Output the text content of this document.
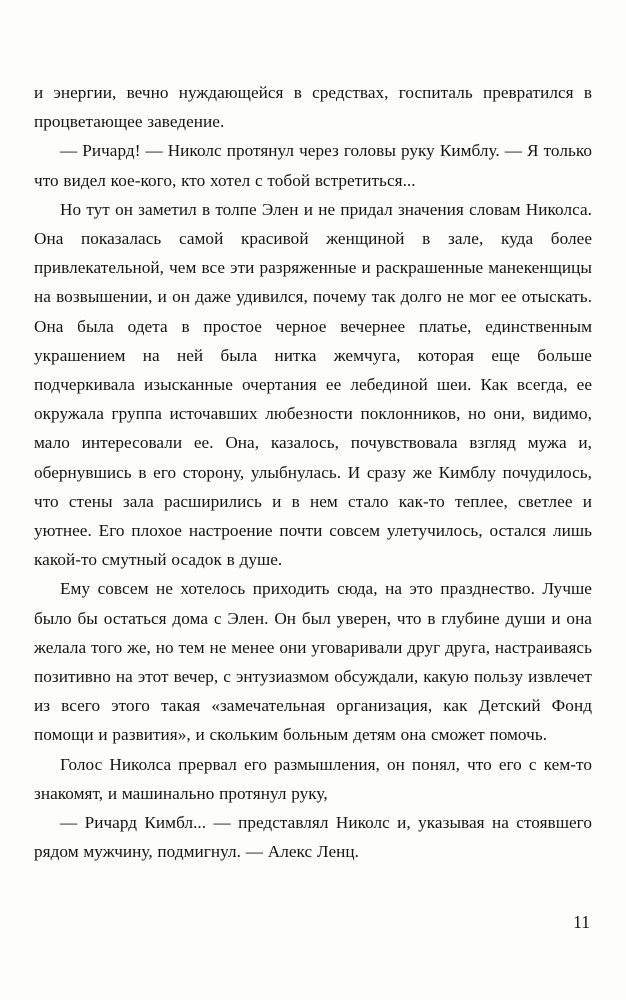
и энергии, вечно нуждающейся в средствах, госпиталь превратился в процветающее заведение.

— Ричард! — Николс протянул через головы руку Кимблу. — Я только что видел кое-кого, кто хотел с тобой встретиться...

Но тут он заметил в толпе Элен и не придал значения словам Николса. Она показалась самой красивой женщиной в зале, куда более привлекательной, чем все эти разряженные и раскрашенные манекенщицы на возвышении, и он даже удивился, почему так долго не мог ее отыскать. Она была одета в простое черное вечернее платье, единственным украшением на ней была нитка жемчуга, которая еще больше подчеркивала изысканные очертания ее лебединой шеи. Как всегда, ее окружала группа источавших любезности поклонников, но они, видимо, мало интересовали ее. Она, казалось, почувствовала взгляд мужа и, обернувшись в его сторону, улыбнулась. И сразу же Кимблу почудилось, что стены зала расширились и в нем стало как-то теплее, светлее и уютнее. Его плохое настроение почти совсем улетучилось, остался лишь какой-то смутный осадок в душе.

Ему совсем не хотелось приходить сюда, на это празднество. Лучше было бы остаться дома с Элен. Он был уверен, что в глубине души и она желала того же, но тем не менее они уговаривали друг друга, настраиваясь позитивно на этот вечер, с энтузиазмом обсуждали, какую пользу извлечет из всего этого такая «замечательная организация, как Детский Фонд помощи и развития», и скольким больным детям она сможет помочь.

Голос Николса прервал его размышления, он понял, что его с кем-то знакомят, и машинально протянул руку,

— Ричард Кимбл... — представлял Николс и, указывая на стоявшего рядом мужчину, подмигнул. — Алекс Ленц.

11
